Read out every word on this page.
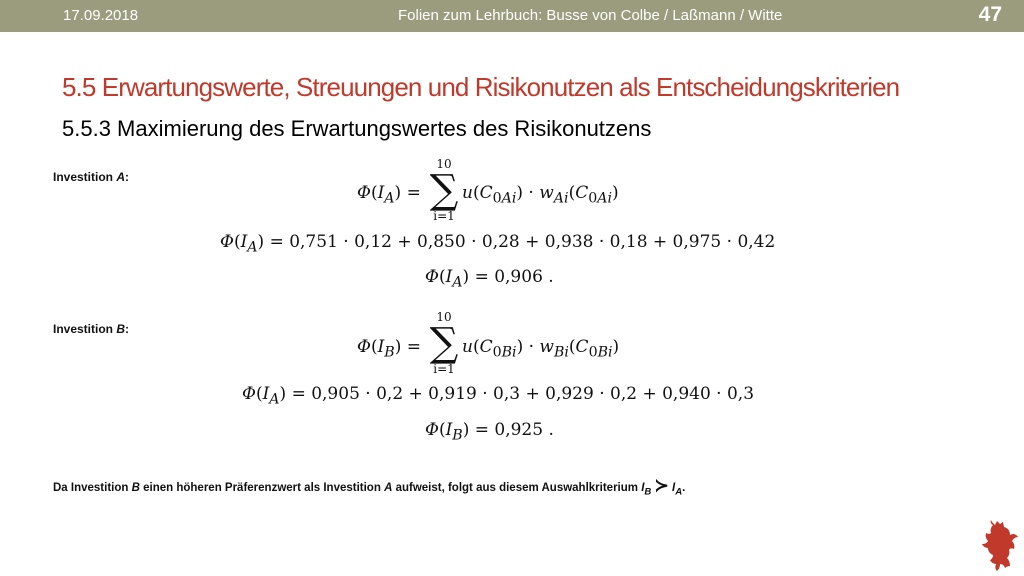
17.09.2018	Folien zum Lehrbuch: Busse von Colbe / Laßmann / Witte	47
5.5 Erwartungswerte, Streuungen und Risikonutzen als Entscheidungskriterien
5.5.3 Maximierung des Erwartungswertes des Risikonutzens
Investition A:
$\Phi(I_A)$ =
10
∑
i=1
$u(C_{0Ai}) \cdot w_{Ai}(C_{0Ai})$
$\Phi(I_A) = 0,751 \cdot 0,12 + 0,850 \cdot 0,28 + 0,938 \cdot 0,18 + 0,975 \cdot 0,42$
$\Phi(I_A) = 0,906$ .
Investition B:
$\Phi(I_B)$ =
10
∑
i=1
$u(C_{0Bi}) \cdot w_{Bi}(C_{0Bi})$
$\Phi(I_A) = 0,905 \cdot 0,2 + 0,919 \cdot 0,3 + 0,929 \cdot 0,2 + 0,940 \cdot 0,3$
$\Phi(I_B) = 0,925$ .
Da Investition B einen höheren Präferenzwert als Investition A aufweist, folgt aus diesem Auswahlkriterium $I_B$ ≻ $I_A$.
